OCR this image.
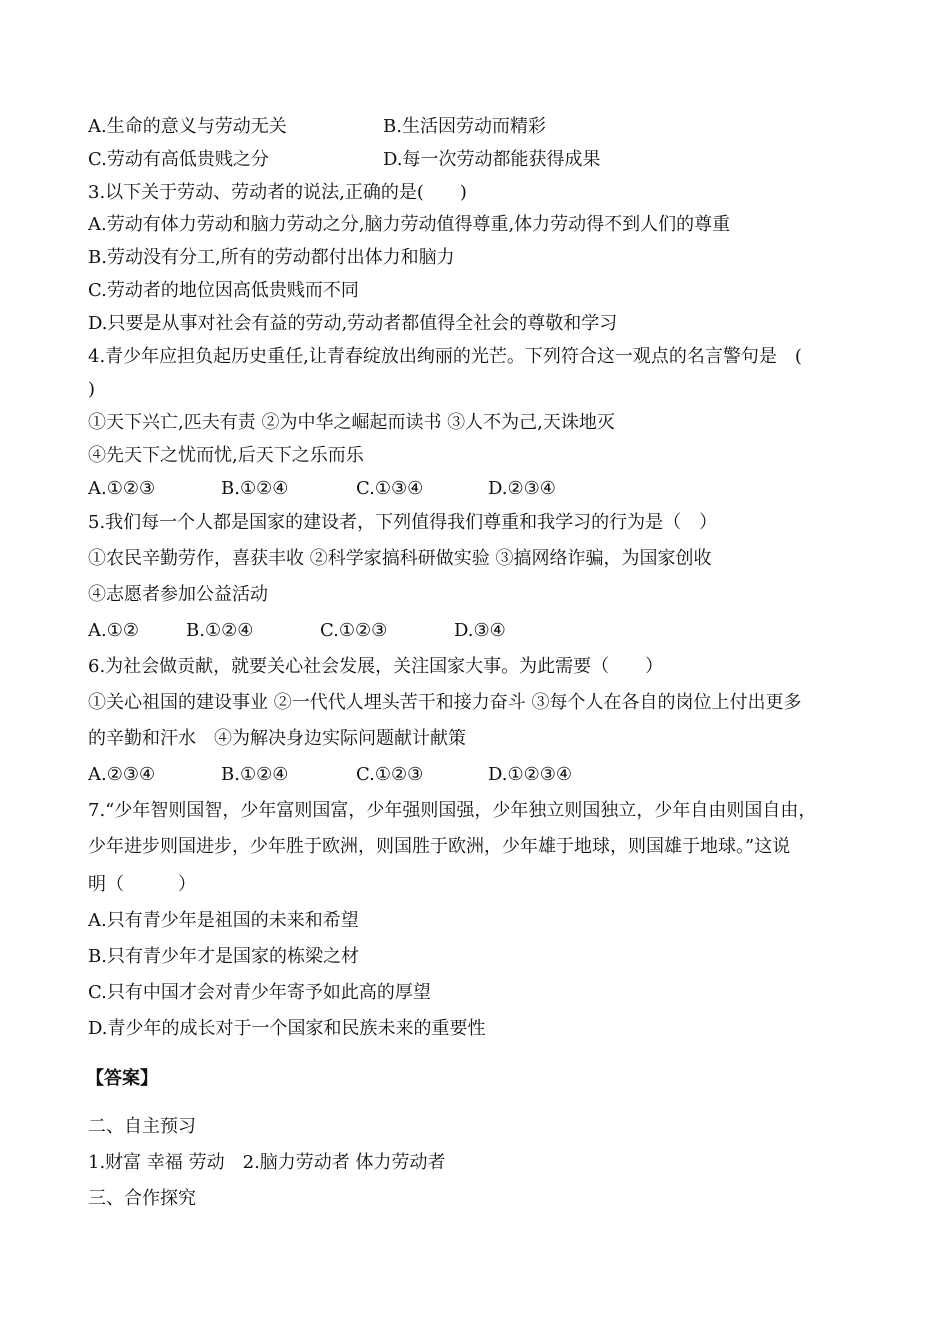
A.生命的意义与劳动无关	B.生活因劳动而精彩
C.劳动有高低贵贱之分	D.每一次劳动都能获得成果
3.以下关于劳动、劳动者的说法,正确的是(　　)
A.劳动有体力劳动和脑力劳动之分,脑力劳动值得尊重,体力劳动得不到人们的尊重
B.劳动没有分工,所有的劳动都付出体力和脑力
C.劳动者的地位因高低贵贱而不同
D.只要是从事对社会有益的劳动,劳动者都值得全社会的尊敬和学习
4.青少年应担负起历史重任,让青春绽放出绚丽的光芒。下列符合这一观点的名言警句是　(
)
①天下兴亡,匹夫有责 ②为中华之崛起而读书 ③人不为己,天诛地灭
④先天下之忧而忧,后天下之乐而乐
A.①②③	B.①②④	C.①③④	D.②③④
5.我们每一个人都是国家的建设者，下列值得我们尊重和我学习的行为是（　）
①农民辛勤劳作，喜获丰收 ②科学家搞科研做实验 ③搞网络诈骗，为国家创收
④志愿者参加公益活动
A.①②	B.①②④	C.①②③	D.③④
6.为社会做贡献，就要关心社会发展，关注国家大事。为此需要（　　）
①关心祖国的建设事业 ②一代代人埋头苦干和接力奋斗 ③每个人在各自的岗位上付出更多
的辛勤和汗水　④为解决身边实际问题献计献策
A.②③④	B.①②④	C.①②③	D.①②③④
7.“少年智则国智，少年富则国富，少年强则国强，少年独立则国独立，少年自由则国自由，
少年进步则国进步，少年胜于欧洲，则国胜于欧洲，少年雄于地球，则国雄于地球。”这说
明（　　　）
A.只有青少年是祖国的未来和希望
B.只有青少年才是国家的栋梁之材
C.只有中国才会对青少年寄予如此高的厚望
D.青少年的成长对于一个国家和民族未来的重要性
【答案】
二、自主预习
1.财富 幸福 劳动　2.脑力劳动者 体力劳动者
三、合作探究
